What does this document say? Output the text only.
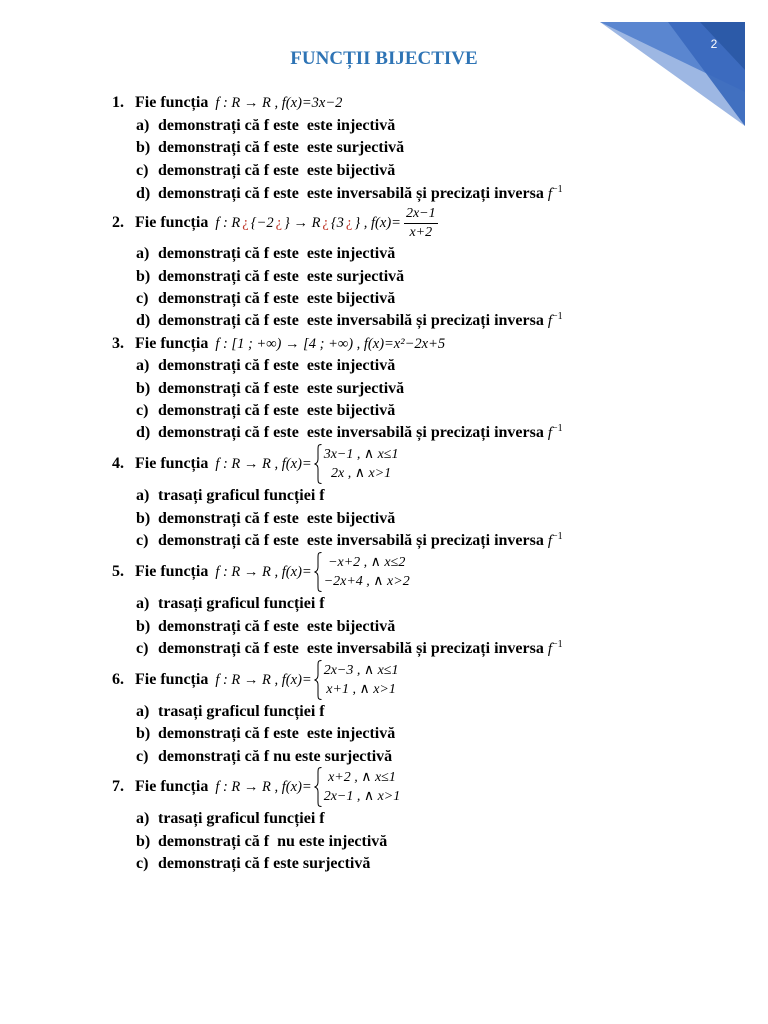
2
FUNCȚII BIJECTIVE
1. Fie funcția f : R → R , f(x)=3x−2
a) demonstrați că f este  este injectivă
b) demonstrați că f este  este surjectivă
c) demonstrați că f este  este bijectivă
d) demonstrați că f este  este inversabilă și precizați inversa $f^{-1}$
2. Fie funcția f : R ¿ {−2 ¿ } → R ¿ {3 ¿ } , $f(x)= \frac{2x-1}{x+2}$
a) demonstrați că f este  este injectivă
b) demonstrați că f este  este surjectivă
c) demonstrați că f este  este bijectivă
d) demonstrați că f este  este inversabilă și precizați inversa $f^{-1}$
3. Fie funcția f : [1 ; +∞) → [4 ; +∞) , f(x)=x²−2x+5
a) demonstrați că f este  este injectivă
b) demonstrați că f este  este surjectivă
c) demonstrați că f este  este bijectivă
d) demonstrați că f este  este inversabilă și precizați inversa $f^{-1}$
4. Fie funcția f : R → R , f(x)=
3x−1 , ∧ x≤1
2x , ∧ x>1
a) trasați graficul funcției f
b) demonstrați că f este  este bijectivă
c) demonstrați că f este  este inversabilă și precizați inversa $f^{-1}$
5. Fie funcția f : R → R , f(x)=
−x+2 , ∧ x≤2
−2x+4 , ∧ x>2
a) trasați graficul funcției f
b) demonstrați că f este  este bijectivă
c) demonstrați că f este  este inversabilă și precizați inversa $f^{-1}$
6. Fie funcția f : R → R , f(x)=
2x−3 , ∧ x≤1
x+1 , ∧ x>1
a) trasați graficul funcției f
b) demonstrați că f este  este injectivă
c) demonstrați că f nu este surjectivă
7. Fie funcția f : R → R , f(x)=
x+2 , ∧ x≤1
2x−1 , ∧ x>1
a) trasați graficul funcției f
b) demonstrați că f  nu este injectivă
c) demonstrați că f este surjectivă
